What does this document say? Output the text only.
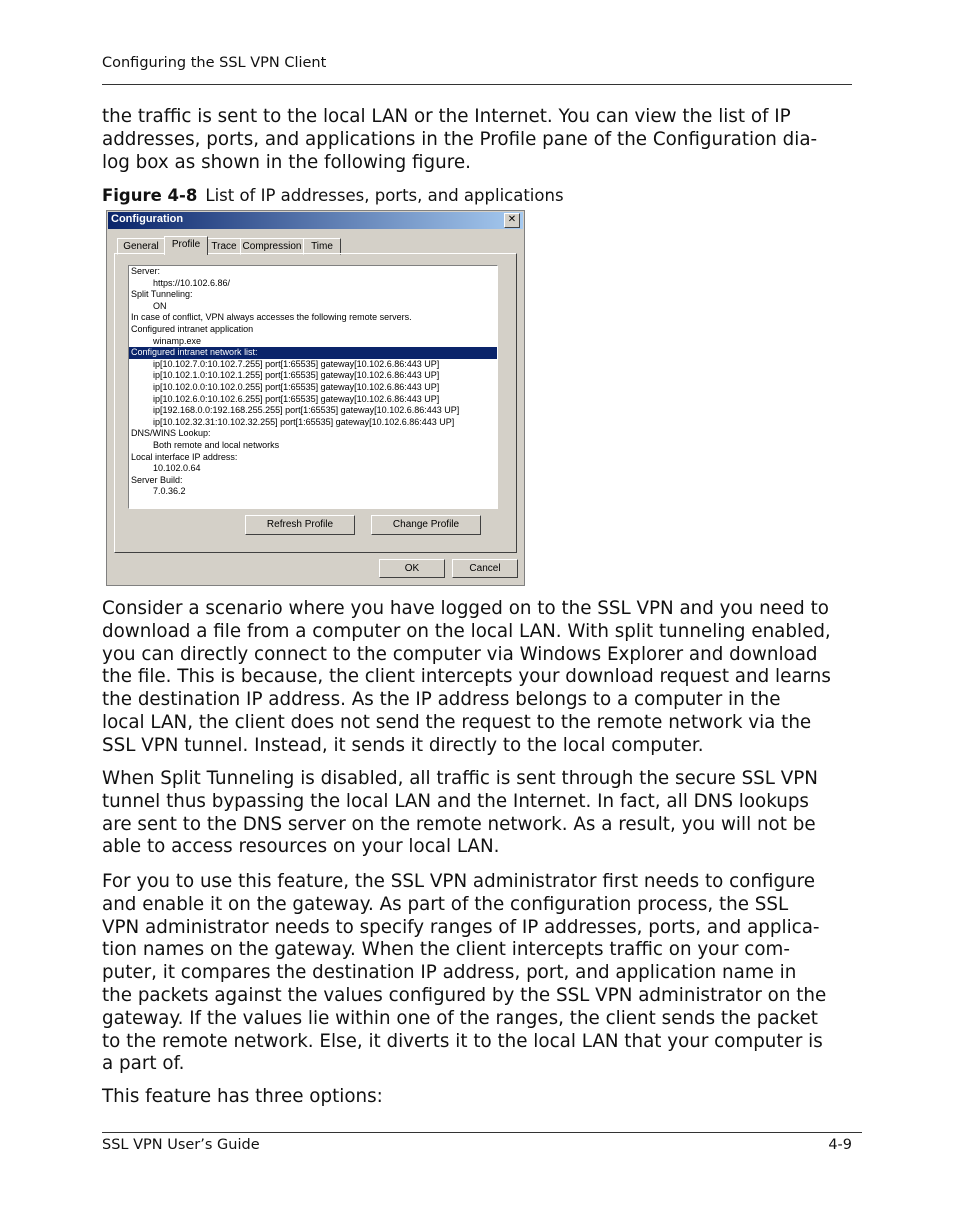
Configuring the SSL VPN Client
the traffic is sent to the local LAN or the Internet. You can view the list of IP
addresses, ports, and applications in the Profile pane of the Configuration dia-
log box as shown in the following figure.
Figure 4-8 List of IP addresses, ports, and applications
Configuration	✕
General	Profile	Trace Compression Time
Server:
https://10.102.6.86/
Split Tunneling:
ON
In case of conflict, VPN always accesses the following remote servers.
Configured intranet application
winamp.exe
Configured intranet network list:
ip[10.102.7.0:10.102.7.255] port[1:65535] gateway[10.102.6.86:443 UP]
ip[10.102.1.0:10.102.1.255] port[1:65535] gateway[10.102.6.86:443 UP]
ip[10.102.0.0:10.102.0.255] port[1:65535] gateway[10.102.6.86:443 UP]
ip[10.102.6.0:10.102.6.255] port[1:65535] gateway[10.102.6.86:443 UP]
ip[192.168.0.0:192.168.255.255] port[1:65535] gateway[10.102.6.86:443 UP]
ip[10.102.32.31:10.102.32.255] port[1:65535] gateway[10.102.6.86:443 UP]
DNS/WINS Lookup:
Both remote and local networks
Local interface IP address:
10.102.0.64
Server Build:
7.0.36.2
Refresh Profile	Change Profile
OK	Cancel
Consider a scenario where you have logged on to the SSL VPN and you need to
download a file from a computer on the local LAN. With split tunneling enabled,
you can directly connect to the computer via Windows Explorer and download
the file. This is because, the client intercepts your download request and learns
the destination IP address. As the IP address belongs to a computer in the
local LAN, the client does not send the request to the remote network via the
SSL VPN tunnel. Instead, it sends it directly to the local computer.
When Split Tunneling is disabled, all traffic is sent through the secure SSL VPN
tunnel thus bypassing the local LAN and the Internet. In fact, all DNS lookups
are sent to the DNS server on the remote network. As a result, you will not be
able to access resources on your local LAN.
For you to use this feature, the SSL VPN administrator first needs to configure
and enable it on the gateway. As part of the configuration process, the SSL
VPN administrator needs to specify ranges of IP addresses, ports, and applica-
tion names on the gateway. When the client intercepts traffic on your com-
puter, it compares the destination IP address, port, and application name in
the packets against the values configured by the SSL VPN administrator on the
gateway. If the values lie within one of the ranges, the client sends the packet
to the remote network. Else, it diverts it to the local LAN that your computer is
a part of.
This feature has three options:
SSL VPN User’s Guide	4-9
